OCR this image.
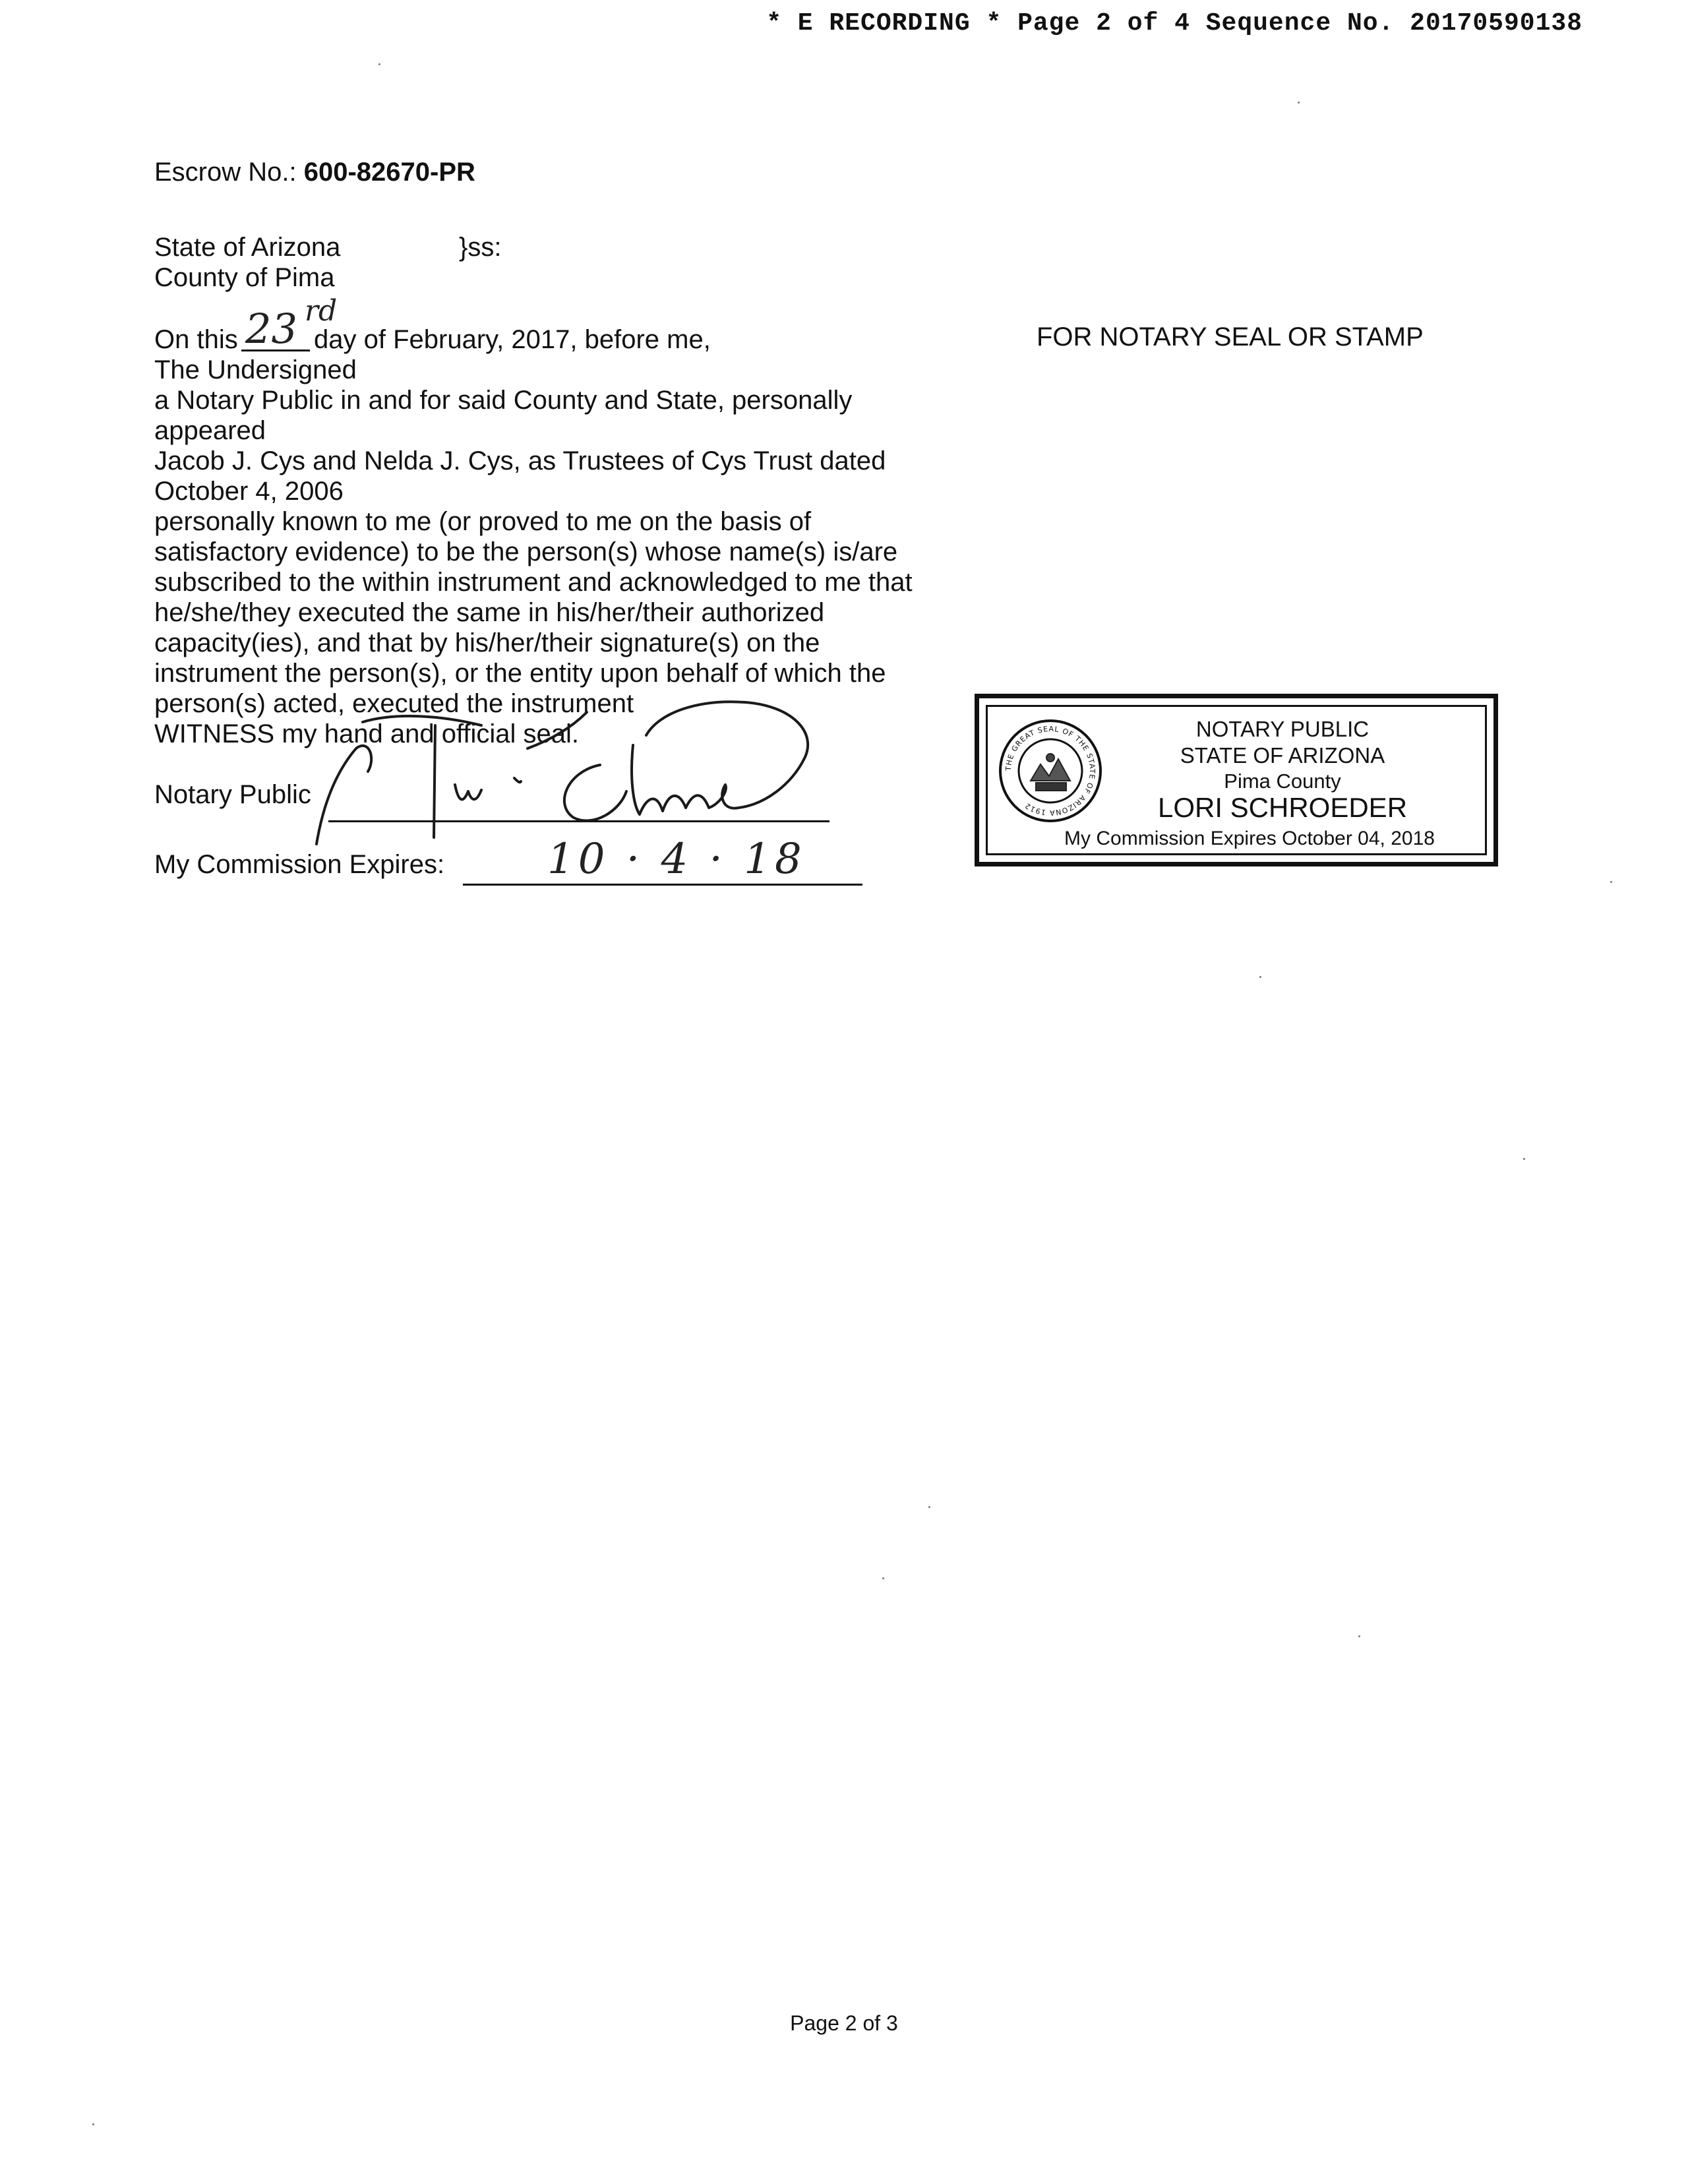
* E RECORDING * Page 2 of 4 Sequence No. 20170590138
Escrow No.: 600-82670-PR
State of Arizona	}ss:
County of Pima
On this 23 rd
day of February, 2017, before me,	FOR NOTARY SEAL OR STAMP
The Undersigned
a Notary Public in and for said County and State, personally
appeared
Jacob J. Cys and Nelda J. Cys, as Trustees of Cys Trust dated
October 4, 2006
personally known to me (or proved to me on the basis of
satisfactory evidence) to be the person(s) whose name(s) is/are
subscribed to the within instrument and acknowledged to me that
he/she/they executed the same in his/her/their authorized
capacity(ies), and that by his/her/their signature(s) on the
instrument the person(s), or the entity upon behalf of which the
person(s) acted, executed the instrument
WITNESS my hand and official seal.
Notary Public
My Commission Expires: 10 · 4 · 18
THE GREAT SEAL OF THE STATE OF ARIZONA 1912
NOTARY PUBLIC
STATE OF ARIZONA
Pima County
LORI SCHROEDER
My Commission Expires October 04, 2018
Page 2 of 3
